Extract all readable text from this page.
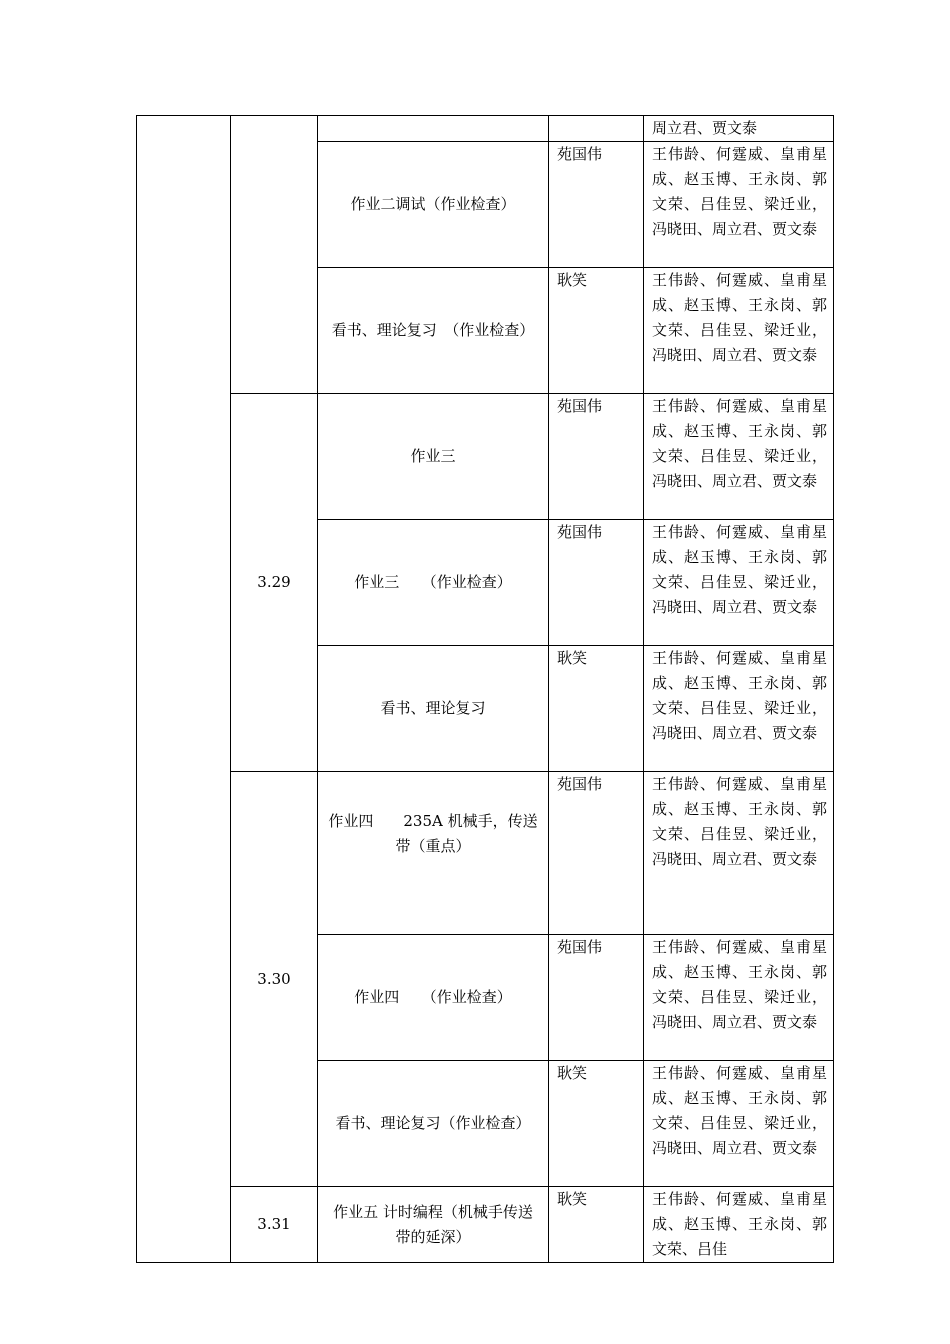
				周立君、贾文泰
		作业二调试（作业检查）	苑国伟	王伟龄、何霆威、皇甫星成、赵玉博、王永岗、郭文荣、吕佳昱、梁迁业，冯晓田、周立君、贾文泰
		看书、理论复习　（作业检查）	耿笑	王伟龄、何霆威、皇甫星成、赵玉博、王永岗、郭文荣、吕佳昱、梁迁业，冯晓田、周立君、贾文泰
	3.29	作业三	苑国伟	王伟龄、何霆威、皇甫星成、赵玉博、王永岗、郭文荣、吕佳昱、梁迁业，冯晓田、周立君、贾文泰
		作业三　　（作业检查）	苑国伟	王伟龄、何霆威、皇甫星成、赵玉博、王永岗、郭文荣、吕佳昱、梁迁业，冯晓田、周立君、贾文泰
		看书、理论复习	耿笑	王伟龄、何霆威、皇甫星成、赵玉博、王永岗、郭文荣、吕佳昱、梁迁业，冯晓田、周立君、贾文泰
	3.30	作业四　　235A 机械手，传送带（重点）	苑国伟	王伟龄、何霆威、皇甫星成、赵玉博、王永岗、郭文荣、吕佳昱、梁迁业，冯晓田、周立君、贾文泰
		作业四　　（作业检查）	苑国伟	王伟龄、何霆威、皇甫星成、赵玉博、王永岗、郭文荣、吕佳昱、梁迁业，冯晓田、周立君、贾文泰
		看书、理论复习（作业检查）	耿笑	王伟龄、何霆威、皇甫星成、赵玉博、王永岗、郭文荣、吕佳昱、梁迁业，冯晓田、周立君、贾文泰
	3.31	作业五 计时编程（机械手传送带的延深）	耿笑	王伟龄、何霆威、皇甫星成、赵玉博、王永岗、郭文荣、吕佳
